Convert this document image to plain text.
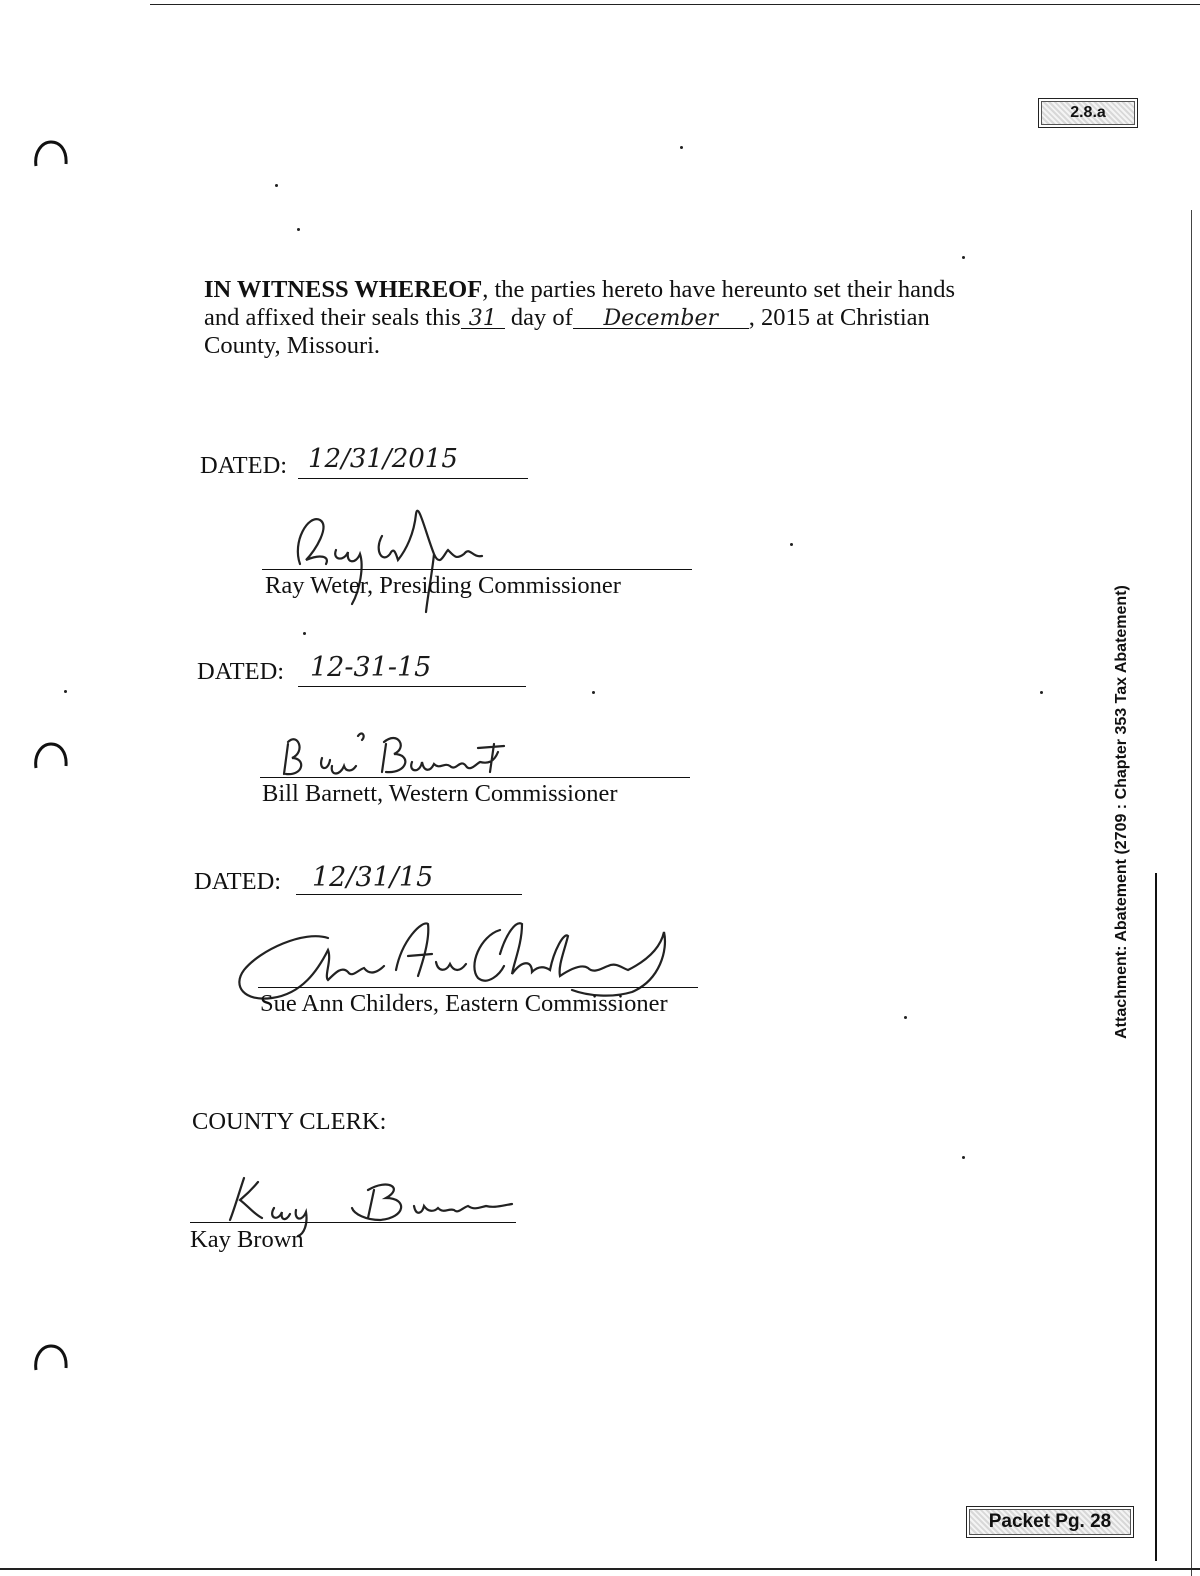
2.8.a
Packet Pg. 28
Attachment: Abatement (2709 : Chapter 353 Tax Abatement)
IN WITNESS WHEREOF, the parties hereto have hereunto set their hands
and affixed their seals this 31 day of December , 2015 at Christian
County, Missouri.
DATED: 12/31/2015
Ray Weter, Presiding Commissioner
DATED: 12-31-15
Bill Barnett, Western Commissioner
DATED: 12/31/15
Sue Ann Childers, Eastern Commissioner
COUNTY CLERK:
Kay Brown
